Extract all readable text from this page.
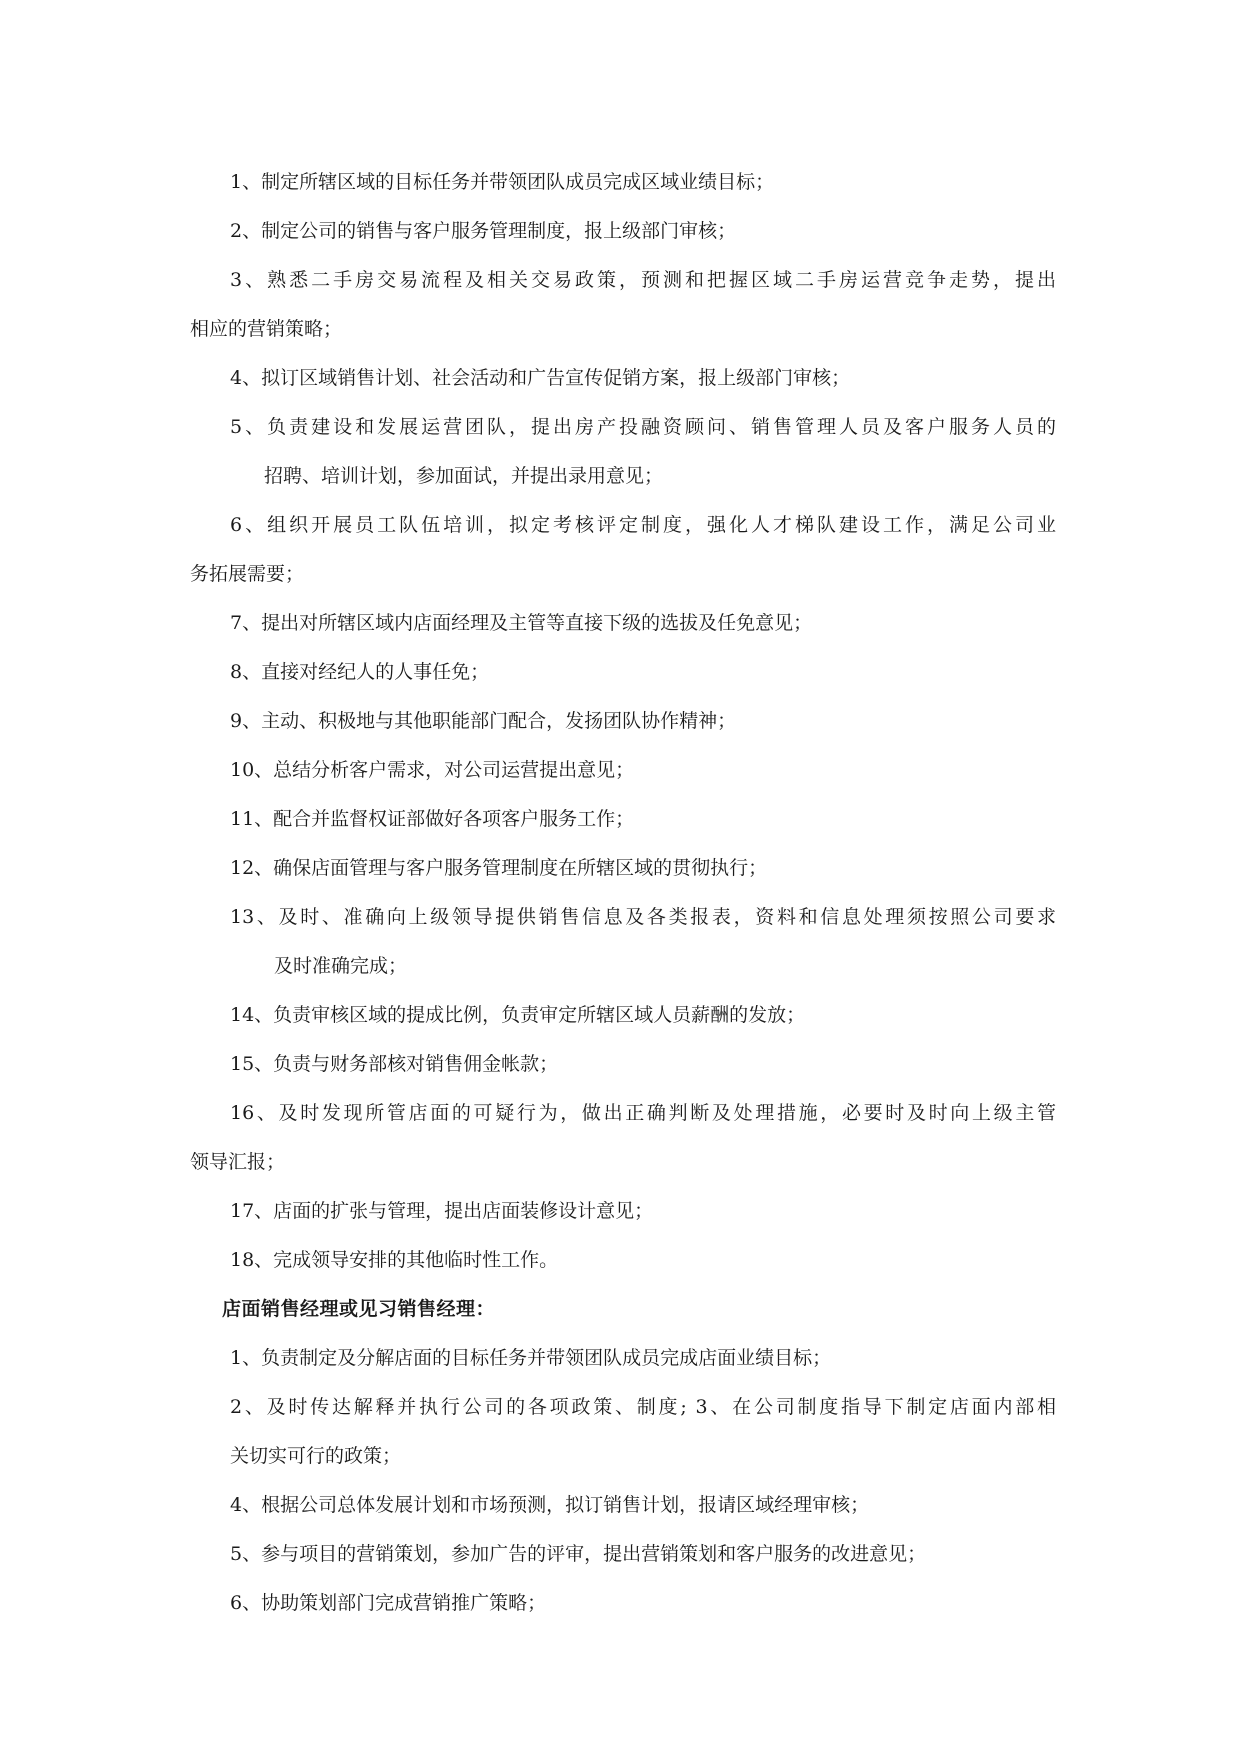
1、制定所辖区域的目标任务并带领团队成员完成区域业绩目标；
2、制定公司的销售与客户服务管理制度，报上级部门审核；
3、熟悉二手房交易流程及相关交易政策，预测和把握区域二手房运营竞争走势，提出
相应的营销策略；
4、拟订区域销售计划、社会活动和广告宣传促销方案，报上级部门审核；
5、负责建设和发展运营团队，提出房产投融资顾问、销售管理人员及客户服务人员的
招聘、培训计划，参加面试，并提出录用意见；
6、组织开展员工队伍培训，拟定考核评定制度，强化人才梯队建设工作，满足公司业
务拓展需要；
7、提出对所辖区域内店面经理及主管等直接下级的选拔及任免意见；
8、直接对经纪人的人事任免；
9、主动、积极地与其他职能部门配合，发扬团队协作精神；
10、总结分析客户需求，对公司运营提出意见；
11、配合并监督权证部做好各项客户服务工作；
12、确保店面管理与客户服务管理制度在所辖区域的贯彻执行；
13、及时、准确向上级领导提供销售信息及各类报表，资料和信息处理须按照公司要求
及时准确完成；
14、负责审核区域的提成比例，负责审定所辖区域人员薪酬的发放；
15、负责与财务部核对销售佣金帐款；
16、及时发现所管店面的可疑行为，做出正确判断及处理措施，必要时及时向上级主管
领导汇报；
17、店面的扩张与管理，提出店面装修设计意见；
18、完成领导安排的其他临时性工作。
店面销售经理或见习销售经理：
1、负责制定及分解店面的目标任务并带领团队成员完成店面业绩目标；
2、及时传达解释并执行公司的各项政策、制度; 3、在公司制度指导下制定店面内部相
关切实可行的政策；
4、根据公司总体发展计划和市场预测，拟订销售计划，报请区域经理审核；
5、参与项目的营销策划，参加广告的评审，提出营销策划和客户服务的改进意见；
6、协助策划部门完成营销推广策略；
